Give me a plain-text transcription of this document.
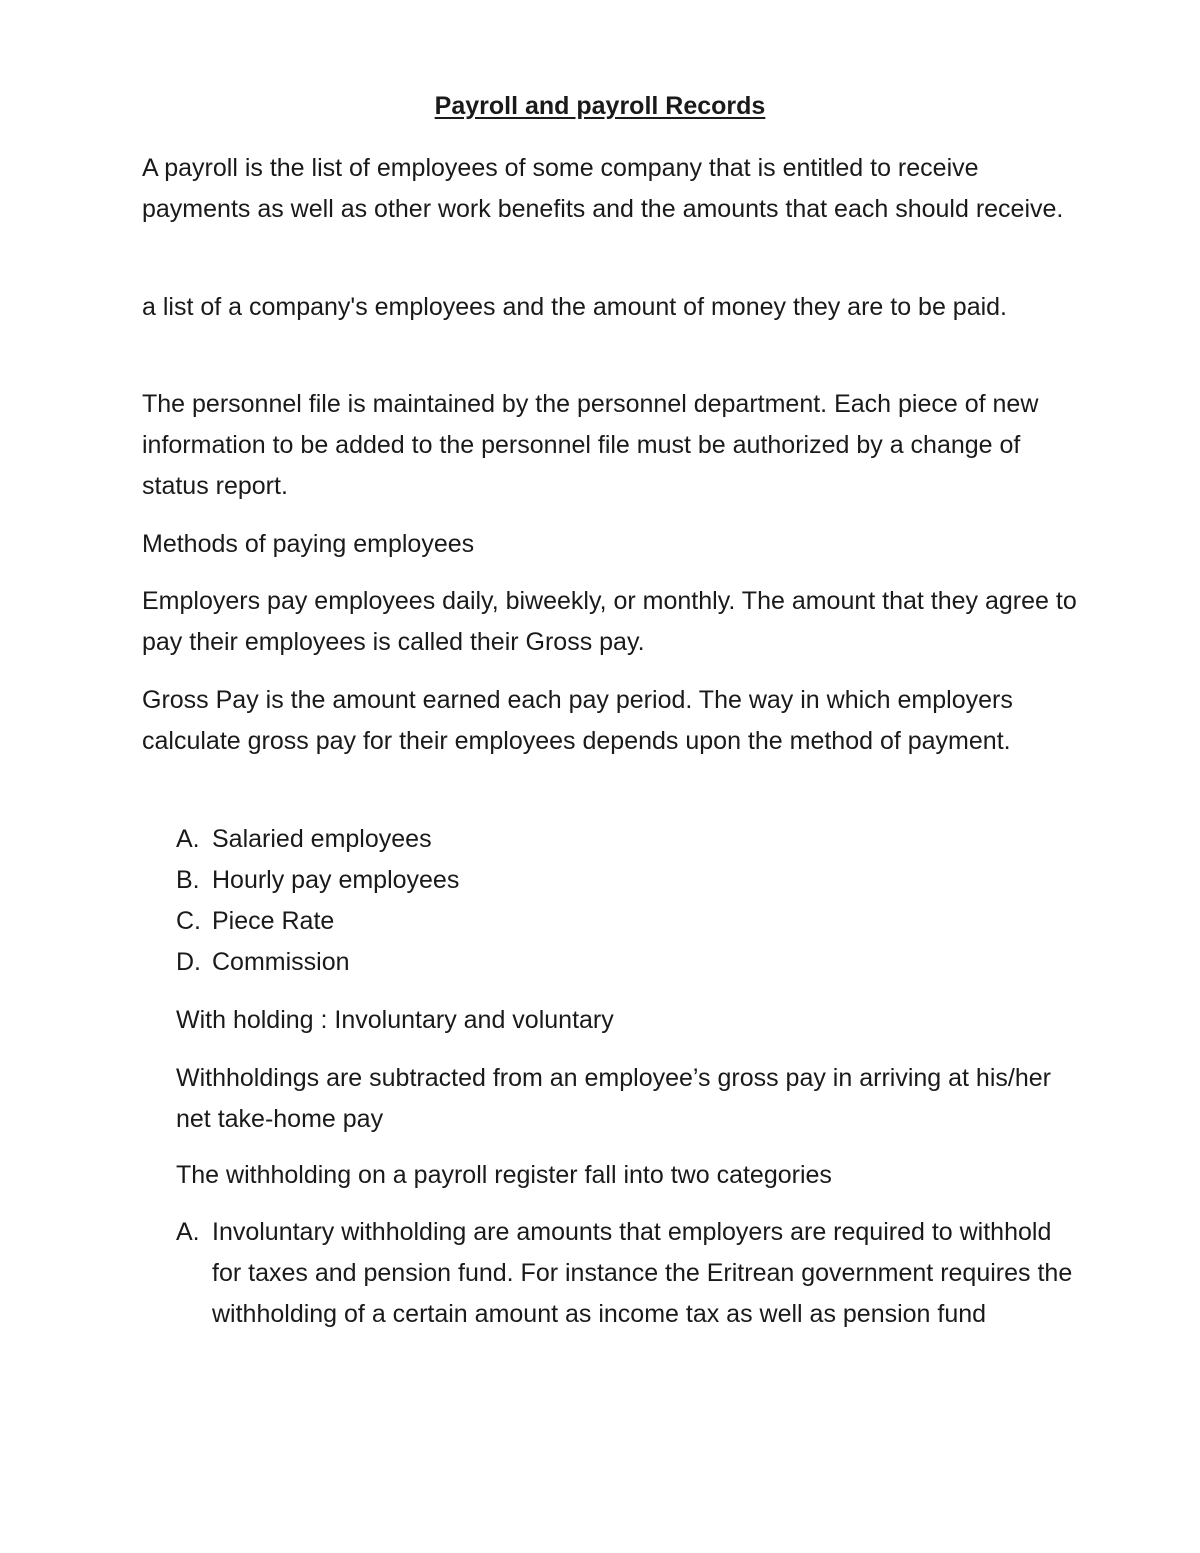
Payroll and payroll Records

A payroll is the list of employees of some company that is entitled to receive payments as well as other work benefits and the amounts that each should receive.

a list of a company's employees and the amount of money they are to be paid.

The personnel file is maintained by the personnel department. Each piece of new information to be added to the personnel file must be authorized by a change of status report.

Methods of paying employees

Employers pay employees daily, biweekly, or monthly. The amount that they agree to pay their employees is called their Gross pay.

Gross Pay is the amount earned each pay period. The way in which employers calculate gross pay for their employees depends upon the method of payment.

A. Salaried employees
B. Hourly pay employees
C. Piece Rate
D. Commission

With holding : Involuntary and voluntary

Withholdings are subtracted from an employee’s gross pay in arriving at his/her net take-home pay

The withholding on a payroll register fall into two categories

A. Involuntary withholding are amounts that employers are required to withhold for taxes and pension fund. For instance the Eritrean government requires the withholding of a certain amount as income tax as well as pension fund
